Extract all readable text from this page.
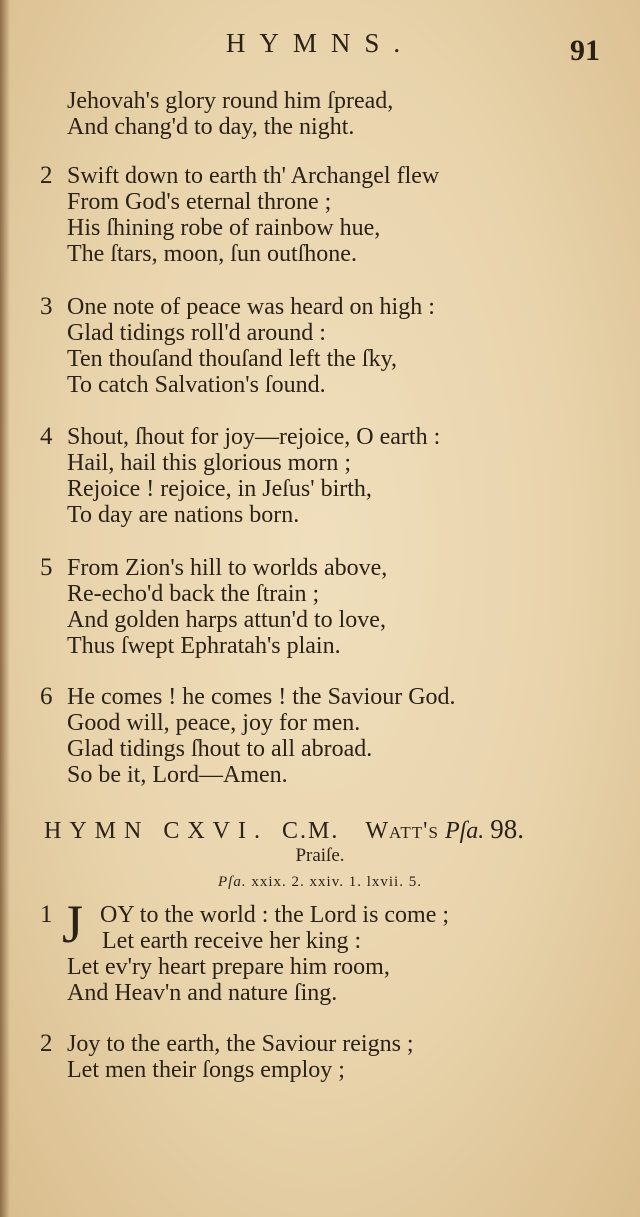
HYMNS.	91
Jehovah's glory round him ſpread,
And chang'd to day, the night.
2 Swift down to earth th' Archangel flew
From God's eternal throne ;
His ſhining robe of rainbow hue,
The ſtars, moon, ſun outſhone.
3 One note of peace was heard on high :
Glad tidings roll'd around :
Ten thouſand thouſand left the ſky,
To catch Salvation's ſound.
4 Shout, ſhout for joy—rejoice, O earth :
Hail, hail this glorious morn ;
Rejoice ! rejoice, in Jeſus' birth,
To day are nations born.
5 From Zion's hill to worlds above,
Re-echo'd back the ſtrain ;
And golden harps attun'd to love,
Thus ſwept Ephratah's plain.
6 He comes ! he comes ! the Saviour God.
Good will, peace, joy for men.
Glad tidings ſhout to all abroad.
So be it, Lord—Amen.
HYMN CXVI. C.M. Watt's Pſa. 98.
Praiſe.
Pſa. xxix. 2. xxiv. 1. lxvii. 5.
1 OY to the world : the Lord is come ;
Let earth receive her king :
Let ev'ry heart prepare him room,
And Heav'n and nature ſing.
J
2 Joy to the earth, the Saviour reigns ;
Let men their ſongs employ ;
